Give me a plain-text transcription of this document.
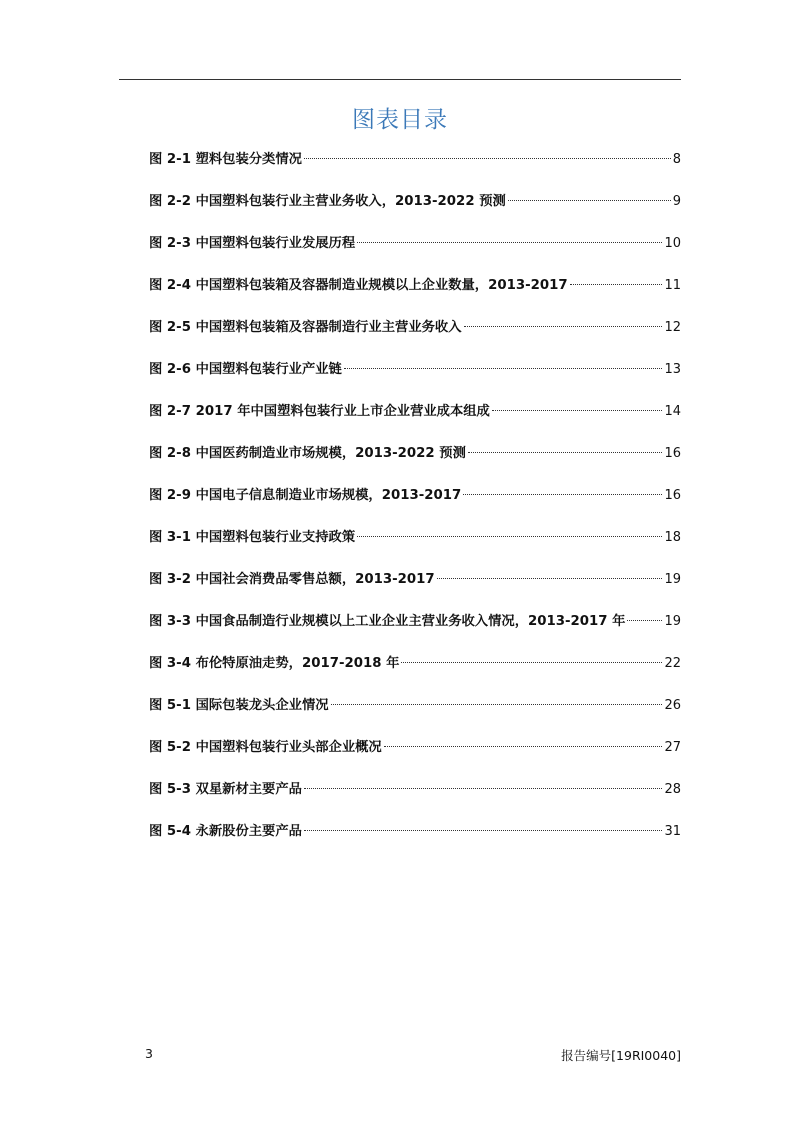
图表目录
图 2-1 塑料包装分类情况	8
图 2-2 中国塑料包装行业主营业务收入，2013-2022 预测	9
图 2-3 中国塑料包装行业发展历程	10
图 2-4 中国塑料包装箱及容器制造业规模以上企业数量，2013-2017	11
图 2-5 中国塑料包装箱及容器制造行业主营业务收入	12
图 2-6 中国塑料包装行业产业链	13
图 2-7 2017 年中国塑料包装行业上市企业营业成本组成	14
图 2-8 中国医药制造业市场规模，2013-2022 预测	16
图 2-9 中国电子信息制造业市场规模，2013-2017	16
图 3-1 中国塑料包装行业支持政策	18
图 3-2 中国社会消费品零售总额，2013-2017	19
图 3-3 中国食品制造行业规模以上工业企业主营业务收入情况，2013-2017 年	19
图 3-4 布伦特原油走势，2017-2018 年	22
图 5-1 国际包装龙头企业情况	26
图 5-2 中国塑料包装行业头部企业概况	27
图 5-3 双星新材主要产品	28
图 5-4 永新股份主要产品	31
3	报告编号[19RI0040]
